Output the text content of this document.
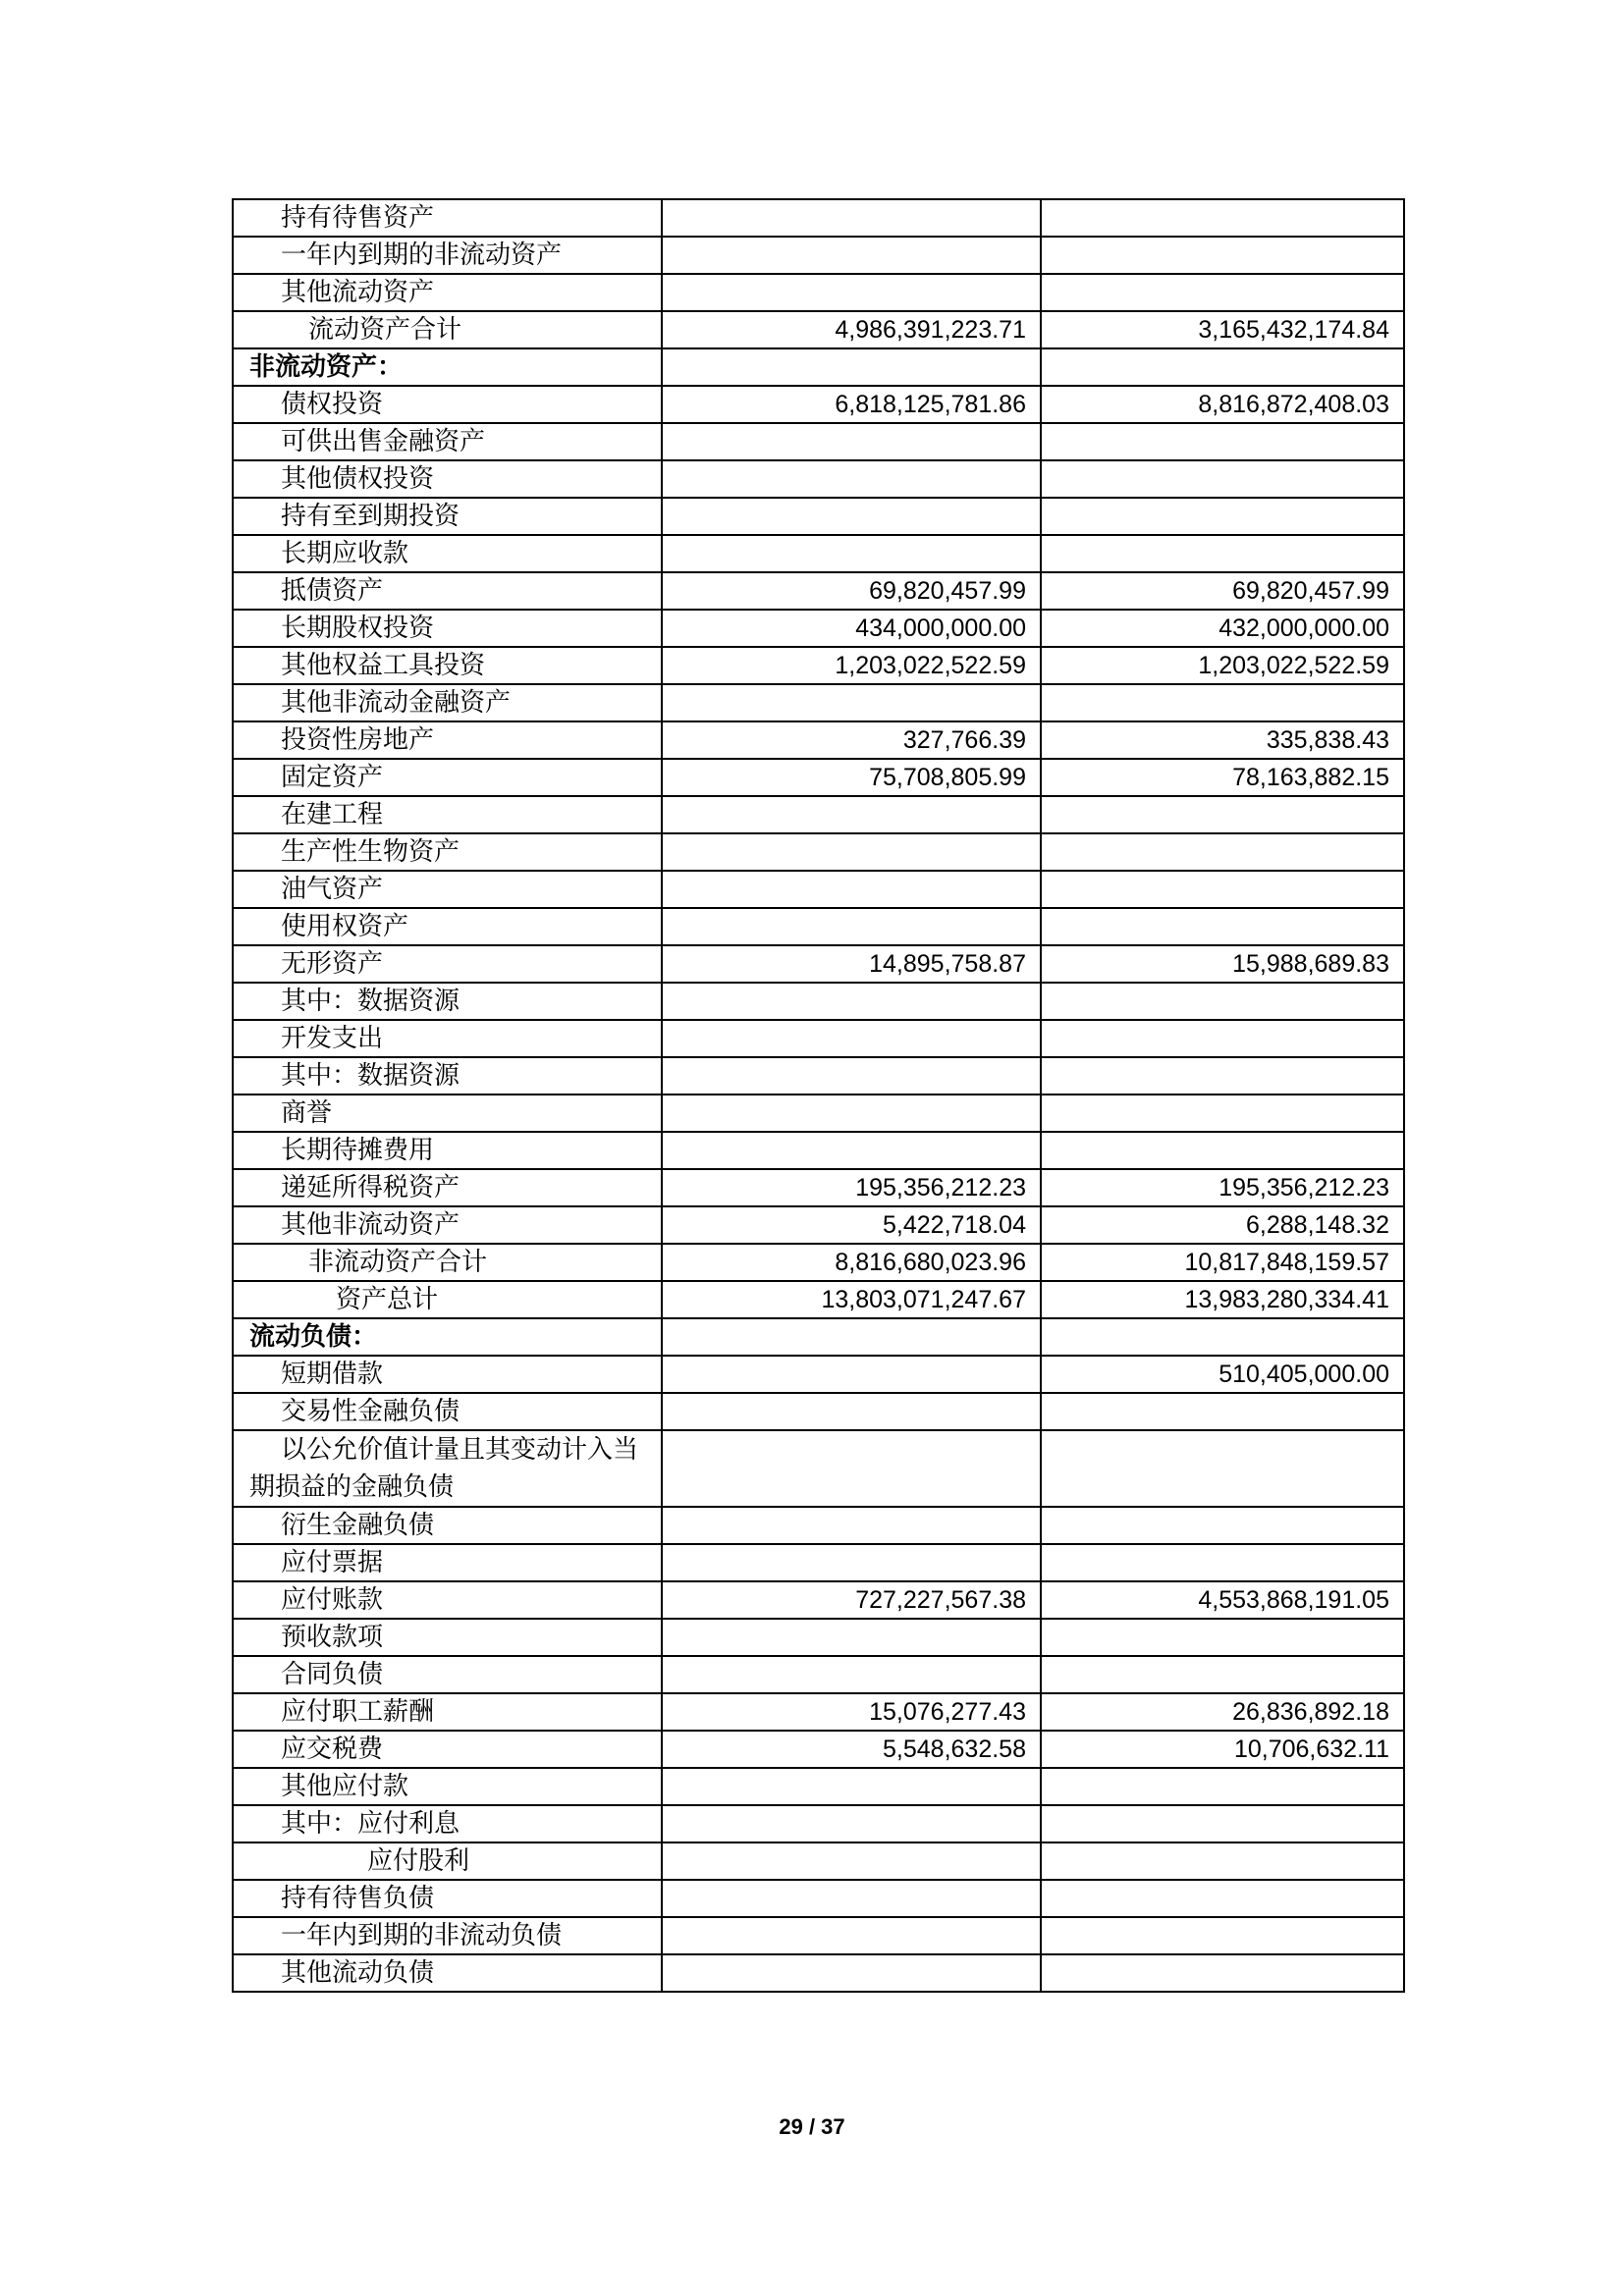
持有待售资产		
一年内到期的非流动资产		
其他流动资产		
流动资产合计	4,986,391,223.71	3,165,432,174.84
非流动资产：		
债权投资	6,818,125,781.86	8,816,872,408.03
可供出售金融资产		
其他债权投资		
持有至到期投资		
长期应收款		
抵债资产	69,820,457.99	69,820,457.99
长期股权投资	434,000,000.00	432,000,000.00
其他权益工具投资	1,203,022,522.59	1,203,022,522.59
其他非流动金融资产		
投资性房地产	327,766.39	335,838.43
固定资产	75,708,805.99	78,163,882.15
在建工程		
生产性生物资产		
油气资产		
使用权资产		
无形资产	14,895,758.87	15,988,689.83
其中：数据资源		
开发支出		
其中：数据资源		
商誉		
长期待摊费用		
递延所得税资产	195,356,212.23	195,356,212.23
其他非流动资产	5,422,718.04	6,288,148.32
非流动资产合计	8,816,680,023.96	10,817,848,159.57
资产总计	13,803,071,247.67	13,983,280,334.41
流动负债：		
短期借款		510,405,000.00
交易性金融负债		
以公允价值计量且其变动计入当期损益的金融负债		
衍生金融负债		
应付票据		
应付账款	727,227,567.38	4,553,868,191.05
预收款项		
合同负债		
应付职工薪酬	15,076,277.43	26,836,892.18
应交税费	5,548,632.58	10,706,632.11
其他应付款		
其中：应付利息		
应付股利		
持有待售负债		
一年内到期的非流动负债		
其他流动负债		
29 / 37
